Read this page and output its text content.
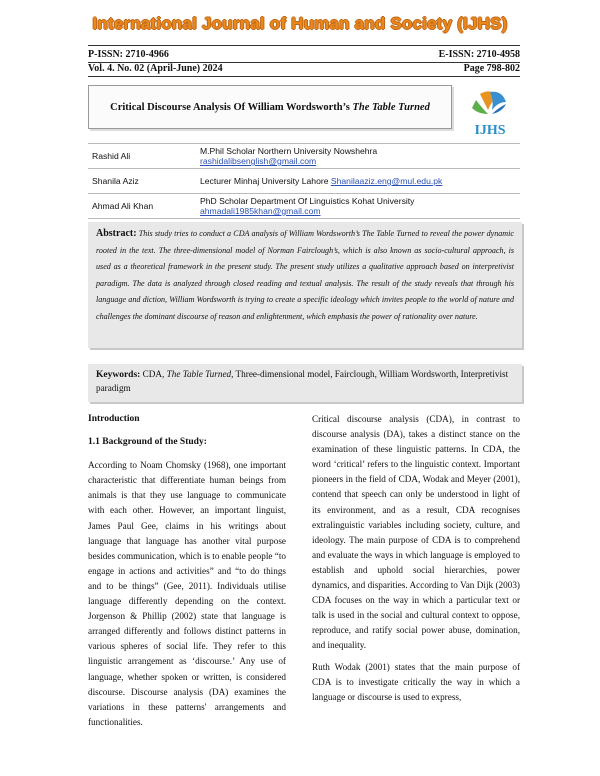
International Journal of Human and Society (IJHS)
P-ISSN: 2710-4966	E-ISSN: 2710-4958
Vol. 4. No. 02 (April-June) 2024	Page 798-802
Critical Discourse Analysis Of William Wordsworth’s The Table Turned
IJHS
Rashid Ali	M.Phil Scholar Northern University Nowshehra
rashidalibsenglish@gmail.com
Shanila Aziz	Lecturer Minhaj University Lahore Shanilaaziz.eng@mul.edu.pk
Ahmad Ali Khan	PhD Scholar Department Of Linguistics Kohat University
ahmadali1985khan@gmail.com
Abstract: This study tries to conduct a CDA analysis of William Wordsworth’s The Table Turned to reveal the power dynamic rooted in the text. The three-dimensional model of Norman Fairclough’s, which is also known as socio-cultural approach, is used as a theoretical framework in the present study. The present study utilizes a qualitative approach based on interpretivist paradigm. The data is analyzed through closed reading and textual analysis. The result of the study reveals that through his language and diction, William Wordsworth is trying to create a specific ideology which invites people to the world of nature and challenges the dominant discourse of reason and enlightenment, which emphasis the power of rationality over nature.
Keywords: CDA, The Table Turned, Three-dimensional model, Fairclough, William Wordsworth, Interpretivist paradigm
Introduction
1.1 Background of the Study:

According to Noam Chomsky (1968), one important characteristic that differentiate human beings from animals is that they use language to communicate with each other. However, an important linguist, James Paul Gee, claims in his writings about language that language has another vital purpose besides communication, which is to enable people “to engage in actions and activities” and “to do things and to be things” (Gee, 2011). Individuals utilise language differently depending on the context. Jorgenson & Phillip (2002) state that language is arranged differently and follows distinct patterns in various spheres of social life. They refer to this linguistic arrangement as ‘discourse.’ Any use of language, whether spoken or written, is considered discourse. Discourse analysis (DA) examines the variations in these patterns' arrangements and functionalities.

Critical discourse analysis (CDA), in contrast to discourse analysis (DA), takes a distinct stance on the examination of these linguistic patterns. In CDA, the word ‘critical’ refers to the linguistic context. Important pioneers in the field of CDA, Wodak and Meyer (2001), contend that speech can only be understood in light of its environment, and as a result, CDA recognises extralinguistic variables including society, culture, and ideology. The main purpose of CDA is to comprehend and evaluate the ways in which language is employed to establish and uphold social hierarchies, power dynamics, and disparities. According to Van Dijk (2003) CDA focuses on the way in which a particular text or talk is used in the social and cultural context to oppose, reproduce, and ratify social power abuse, domination, and inequality.

Ruth Wodak (2001) states that the main purpose of CDA is to investigate critically the way in which a language or discourse is used to express,
